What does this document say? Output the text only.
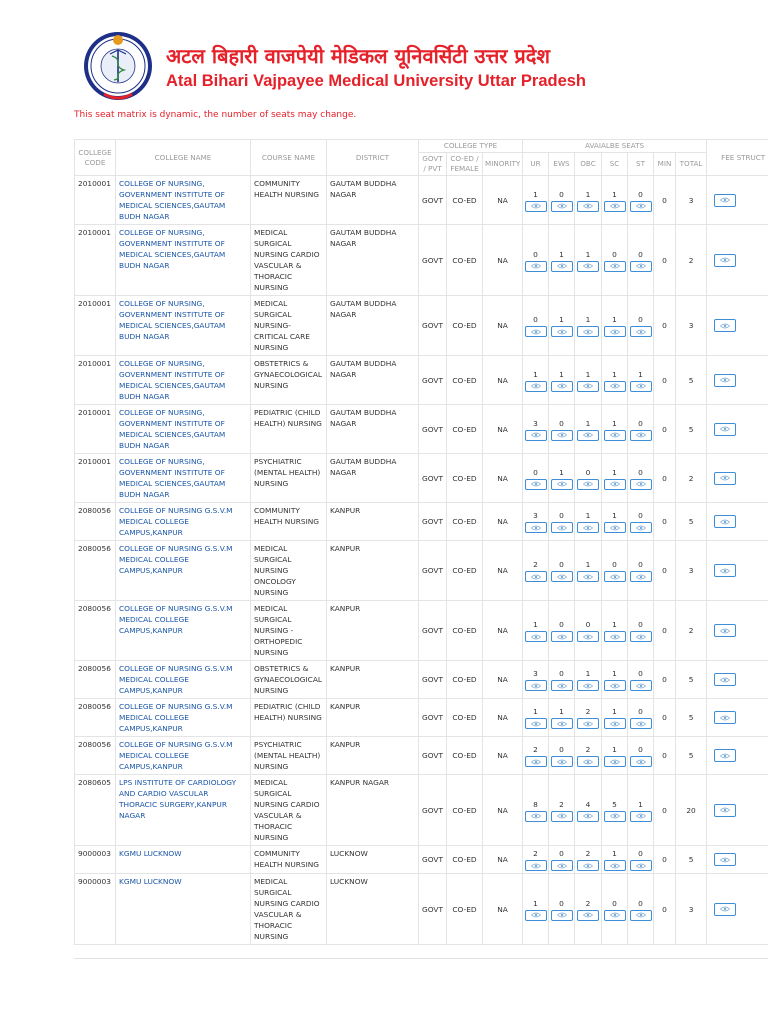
अटल बिहारी वाजपेयी मेडिकल यूनिवर्सिटी उत्तर प्रदेश
Atal Bihari Vajpayee Medical University Uttar Pradesh
This seat matrix is dynamic, the number of seats may change.
COLLEGE CODE	COLLEGE NAME	COURSE NAME	DISTRICT	COLLEGE TYPE			AVAIALBE SEATS							FEE STRUCT
				GOVT / PVT	CO-ED / FEMALE	MINORITY	UR	EWS	OBC	SC	ST	MIN	TOTAL	
2010001	COLLEGE OF NURSING, GOVERNMENT INSTITUTE OF MEDICAL SCIENCES,GAUTAM BUDH NAGAR	COMMUNITY HEALTH NURSING	GAUTAM BUDDHA NAGAR	GOVT	CO-ED	NA	1	0	1	1	0	0	3	

2010001	COLLEGE OF NURSING, GOVERNMENT INSTITUTE OF MEDICAL SCIENCES,GAUTAM BUDH NAGAR	MEDICAL SURGICAL NURSING CARDIO VASCULAR & THORACIC NURSING	GAUTAM BUDDHA NAGAR	GOVT	CO-ED	NA	0	1	1	0	0	0	2	

2010001	COLLEGE OF NURSING, GOVERNMENT INSTITUTE OF MEDICAL SCIENCES,GAUTAM BUDH NAGAR	MEDICAL SURGICAL NURSING- CRITICAL CARE NURSING	GAUTAM BUDDHA NAGAR	GOVT	CO-ED	NA	0	1	1	1	0	0	3	

2010001	COLLEGE OF NURSING, GOVERNMENT INSTITUTE OF MEDICAL SCIENCES,GAUTAM BUDH NAGAR	OBSTETRICS & GYNAECOLOGICAL NURSING	GAUTAM BUDDHA NAGAR	GOVT	CO-ED	NA	1	1	1	1	1	0	5	

2010001	COLLEGE OF NURSING, GOVERNMENT INSTITUTE OF MEDICAL SCIENCES,GAUTAM BUDH NAGAR	PEDIATRIC (CHILD HEALTH) NURSING	GAUTAM BUDDHA NAGAR	GOVT	CO-ED	NA	3	0	1	1	0	0	5	

2010001	COLLEGE OF NURSING, GOVERNMENT INSTITUTE OF MEDICAL SCIENCES,GAUTAM BUDH NAGAR	PSYCHIATRIC (MENTAL HEALTH) NURSING	GAUTAM BUDDHA NAGAR	GOVT	CO-ED	NA	0	1	0	1	0	0	2	

2080056	COLLEGE OF NURSING G.S.V.M MEDICAL COLLEGE CAMPUS,KANPUR	COMMUNITY HEALTH NURSING	KANPUR	GOVT	CO-ED	NA	3	0	1	1	0	0	5	

2080056	COLLEGE OF NURSING G.S.V.M MEDICAL COLLEGE CAMPUS,KANPUR	MEDICAL SURGICAL NURSING ONCOLOGY NURSING	KANPUR	GOVT	CO-ED	NA	2	0	1	0	0	0	3	

2080056	COLLEGE OF NURSING G.S.V.M MEDICAL COLLEGE CAMPUS,KANPUR	MEDICAL SURGICAL NURSING - ORTHOPEDIC NURSING	KANPUR	GOVT	CO-ED	NA	1	0	0	1	0	0	2	

2080056	COLLEGE OF NURSING G.S.V.M MEDICAL COLLEGE CAMPUS,KANPUR	OBSTETRICS & GYNAECOLOGICAL NURSING	KANPUR	GOVT	CO-ED	NA	3	0	1	1	0	0	5	

2080056	COLLEGE OF NURSING G.S.V.M MEDICAL COLLEGE CAMPUS,KANPUR	PEDIATRIC (CHILD HEALTH) NURSING	KANPUR	GOVT	CO-ED	NA	1	1	2	1	0	0	5	

2080056	COLLEGE OF NURSING G.S.V.M MEDICAL COLLEGE CAMPUS,KANPUR	PSYCHIATRIC (MENTAL HEALTH) NURSING	KANPUR	GOVT	CO-ED	NA	2	0	2	1	0	0	5	

2080605	LPS INSTITUTE OF CARDIOLOGY AND CARDIO VASCULAR THORACIC SURGERY,KANPUR NAGAR	MEDICAL SURGICAL NURSING CARDIO VASCULAR & THORACIC NURSING	KANPUR NAGAR	GOVT	CO-ED	NA	8	2	4	5	1	0	20	

9000003	KGMU LUCKNOW	COMMUNITY HEALTH NURSING	LUCKNOW	GOVT	CO-ED	NA	2	0	2	1	0	0	5	

9000003	KGMU LUCKNOW	MEDICAL SURGICAL NURSING CARDIO VASCULAR & THORACIC NURSING	LUCKNOW	GOVT	CO-ED	NA	1	0	2	0	0	0	3	
